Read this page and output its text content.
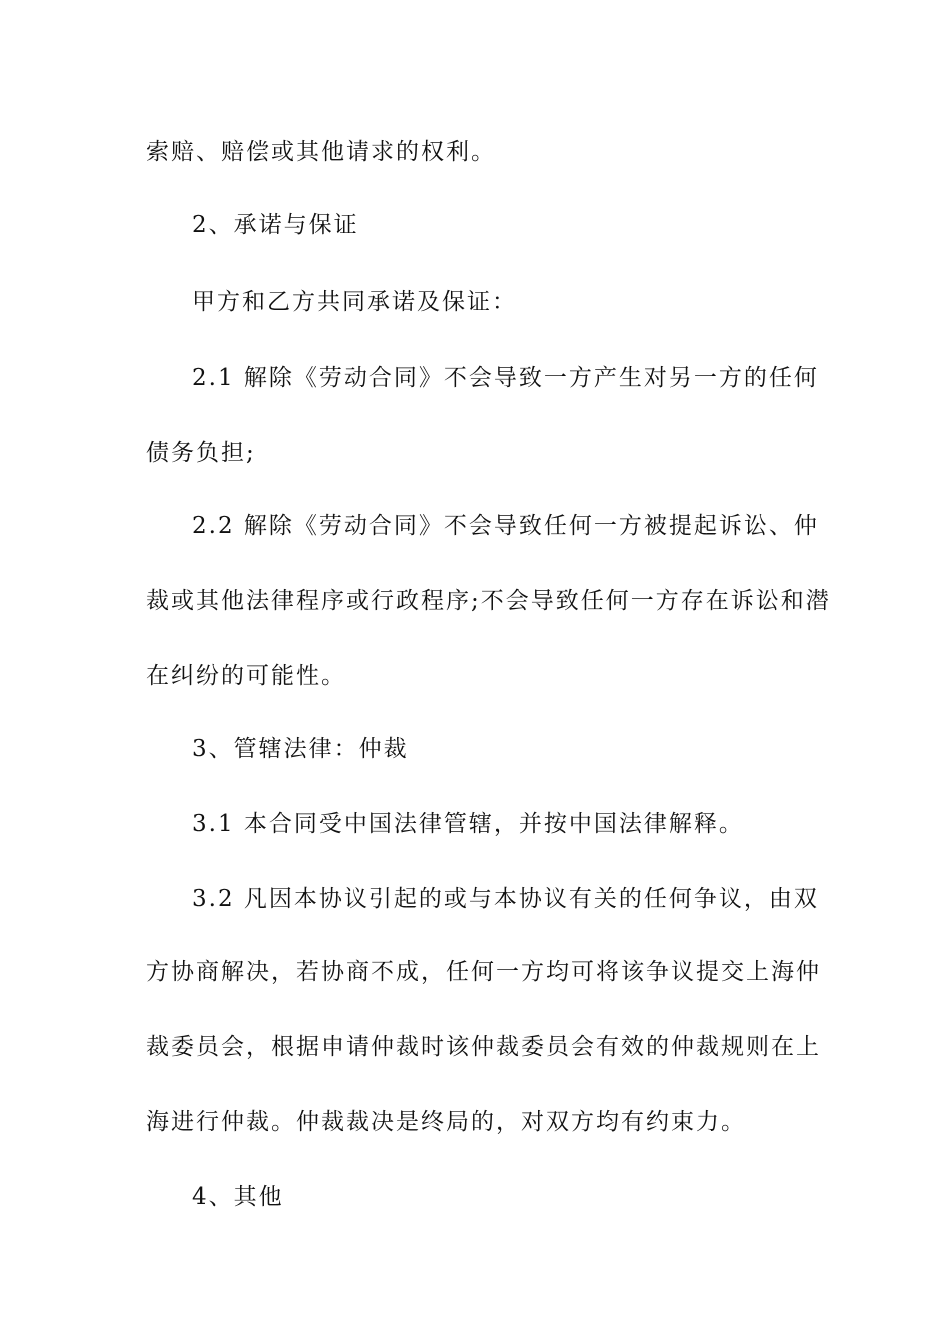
索赔、赔偿或其他请求的权利。
2、承诺与保证
甲方和乙方共同承诺及保证：
2.1 解除《劳动合同》不会导致一方产生对另一方的任何
债务负担;
2.2 解除《劳动合同》不会导致任何一方被提起诉讼、仲
裁或其他法律程序或行政程序;不会导致任何一方存在诉讼和潜
在纠纷的可能性。
3、管辖法律：仲裁
3.1 本合同受中国法律管辖，并按中国法律解释。
3.2 凡因本协议引起的或与本协议有关的任何争议，由双
方协商解决，若协商不成，任何一方均可将该争议提交上海仲
裁委员会，根据申请仲裁时该仲裁委员会有效的仲裁规则在上
海进行仲裁。仲裁裁决是终局的，对双方均有约束力。
4、其他
